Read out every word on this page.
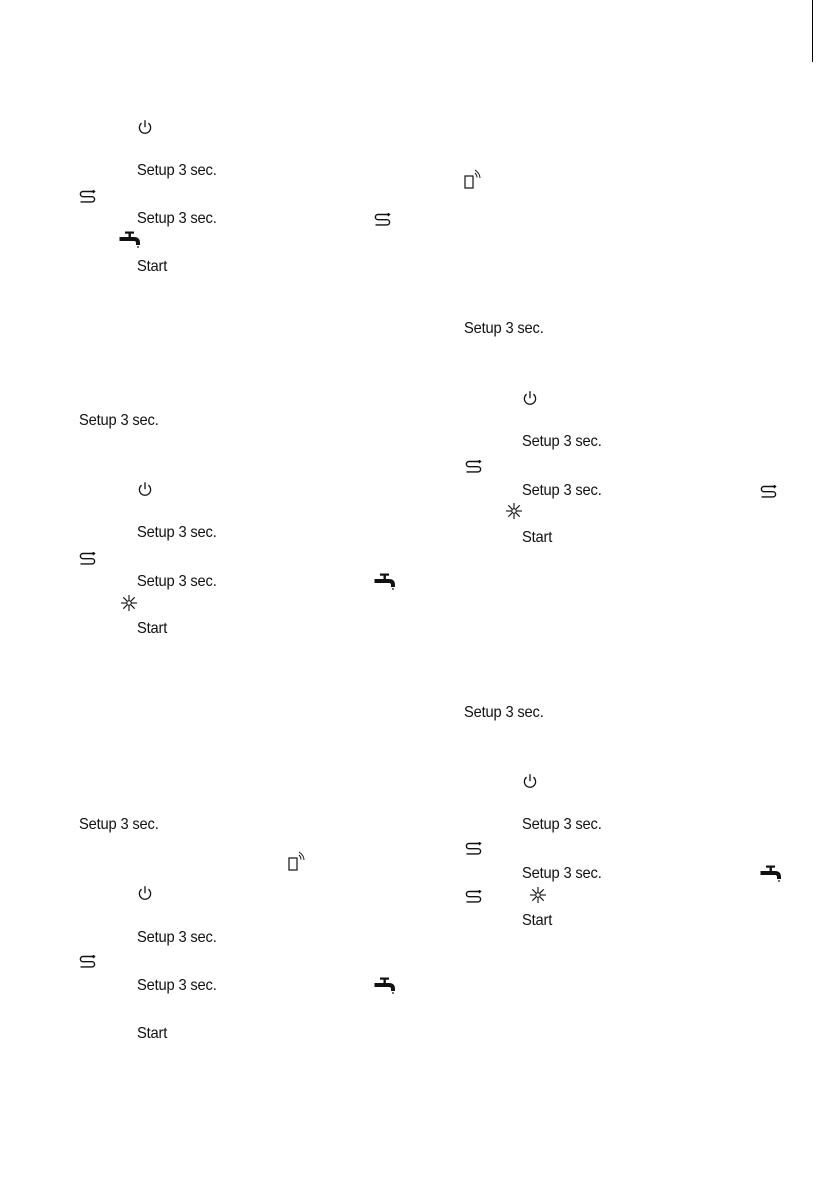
Setup 3 sec.
Setup 3 sec.
Start
Setup 3 sec.
Setup 3 sec.
Setup 3 sec.
Start
Setup 3 sec.
Setup 3 sec.
Setup 3 sec.
Start
Setup 3 sec.
Setup 3 sec.
Setup 3 sec.
Start
Setup 3 sec.
Setup 3 sec.
Setup 3 sec.
Start
